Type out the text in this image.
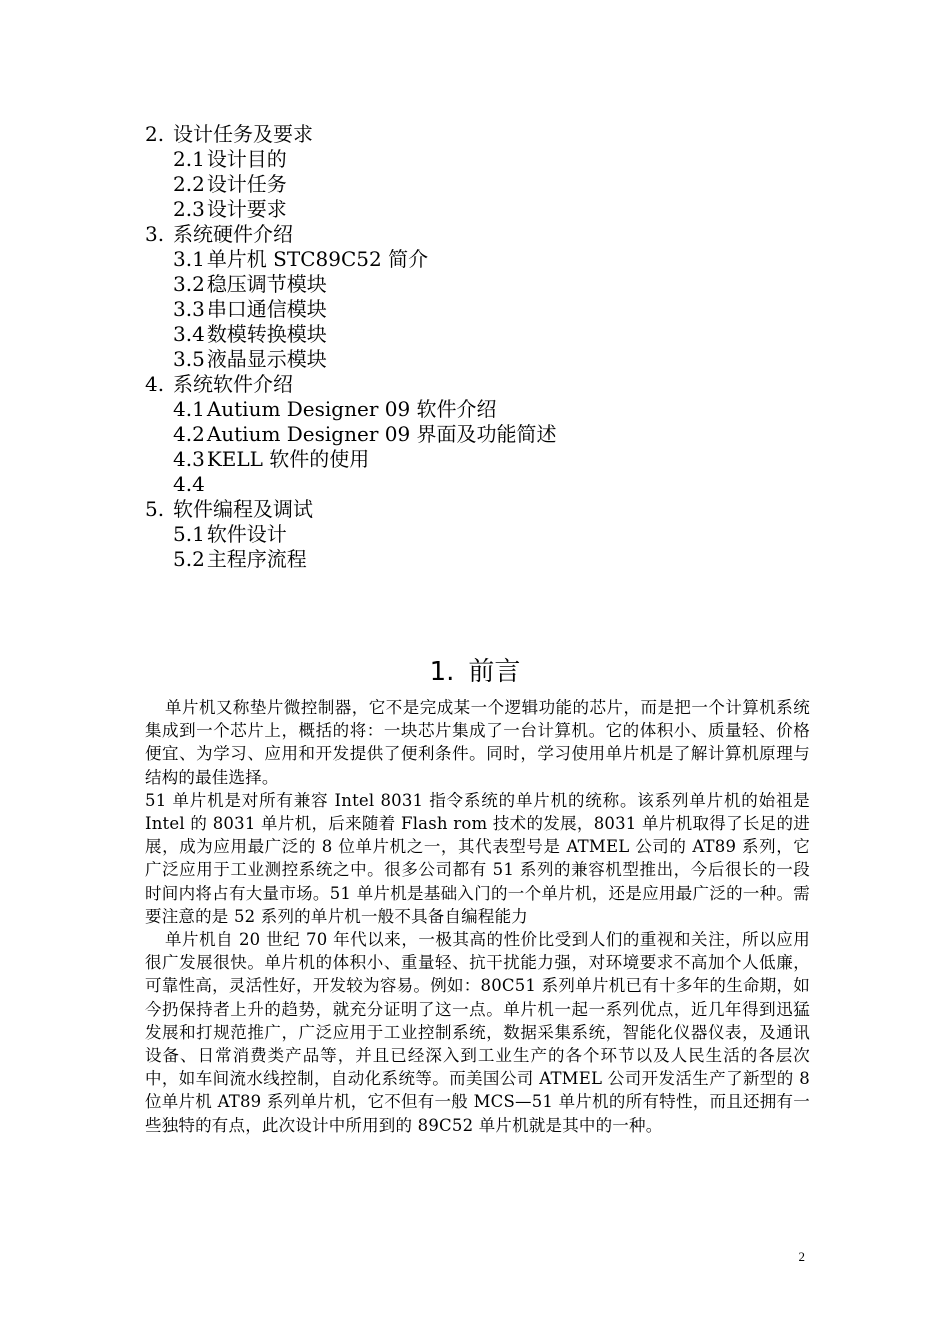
2. 设计任务及要求
2.1 设计目的
2.2 设计任务
2.3 设计要求
3. 系统硬件介绍
3.1 单片机 STC89C52 简介
3.2 稳压调节模块
3.3 串口通信模块
3.4 数模转换模块
3.5 液晶显示模块
4. 系统软件介绍
4.1 Autium Designer 09 软件介绍
4.2 Autium Designer 09 界面及功能简述
4.3 KELL 软件的使用
4.4
5. 软件编程及调试
5.1 软件设计
5.2 主程序流程
1. 前言

单片机又称垫片微控制器，它不是完成某一个逻辑功能的芯片，而是把一个计算机系统集成到一个芯片上，概括的将：一块芯片集成了一台计算机。它的体积小、质量轻、价格便宜、为学习、应用和开发提供了便利条件。同时，学习使用单片机是了解计算机原理与结构的最佳选择。

51 单片机是对所有兼容 Intel 8031 指令系统的单片机的统称。该系列单片机的始祖是 Intel 的 8031 单片机，后来随着 Flash rom 技术的发展，8031 单片机取得了长足的进展，成为应用最广泛的 8 位单片机之一，其代表型号是 ATMEL 公司的 AT89 系列，它广泛应用于工业测控系统之中。很多公司都有 51 系列的兼容机型推出，今后很长的一段时间内将占有大量市场。51 单片机是基础入门的一个单片机，还是应用最广泛的一种。需要注意的是 52 系列的单片机一般不具备自编程能力

单片机自 20 世纪 70 年代以来，一极其高的性价比受到人们的重视和关注，所以应用很广发展很快。单片机的体积小、重量轻、抗干扰能力强，对环境要求不高加个人低廉，可靠性高，灵活性好，开发较为容易。例如：80C51 系列单片机已有十多年的生命期，如今扔保持者上升的趋势，就充分证明了这一点。单片机一起一系列优点，近几年得到迅猛发展和打规范推广，广泛应用于工业控制系统，数据采集系统，智能化仪器仪表，及通讯设备、日常消费类产品等，并且已经深入到工业生产的各个环节以及人民生活的各层次中，如车间流水线控制，自动化系统等。而美国公司 ATMEL 公司开发活生产了新型的 8 位单片机 AT89 系列单片机，它不但有一般 MCS—51 单片机的所有特性，而且还拥有一些独特的有点，此次设计中所用到的 89C52 单片机就是其中的一种。

2
